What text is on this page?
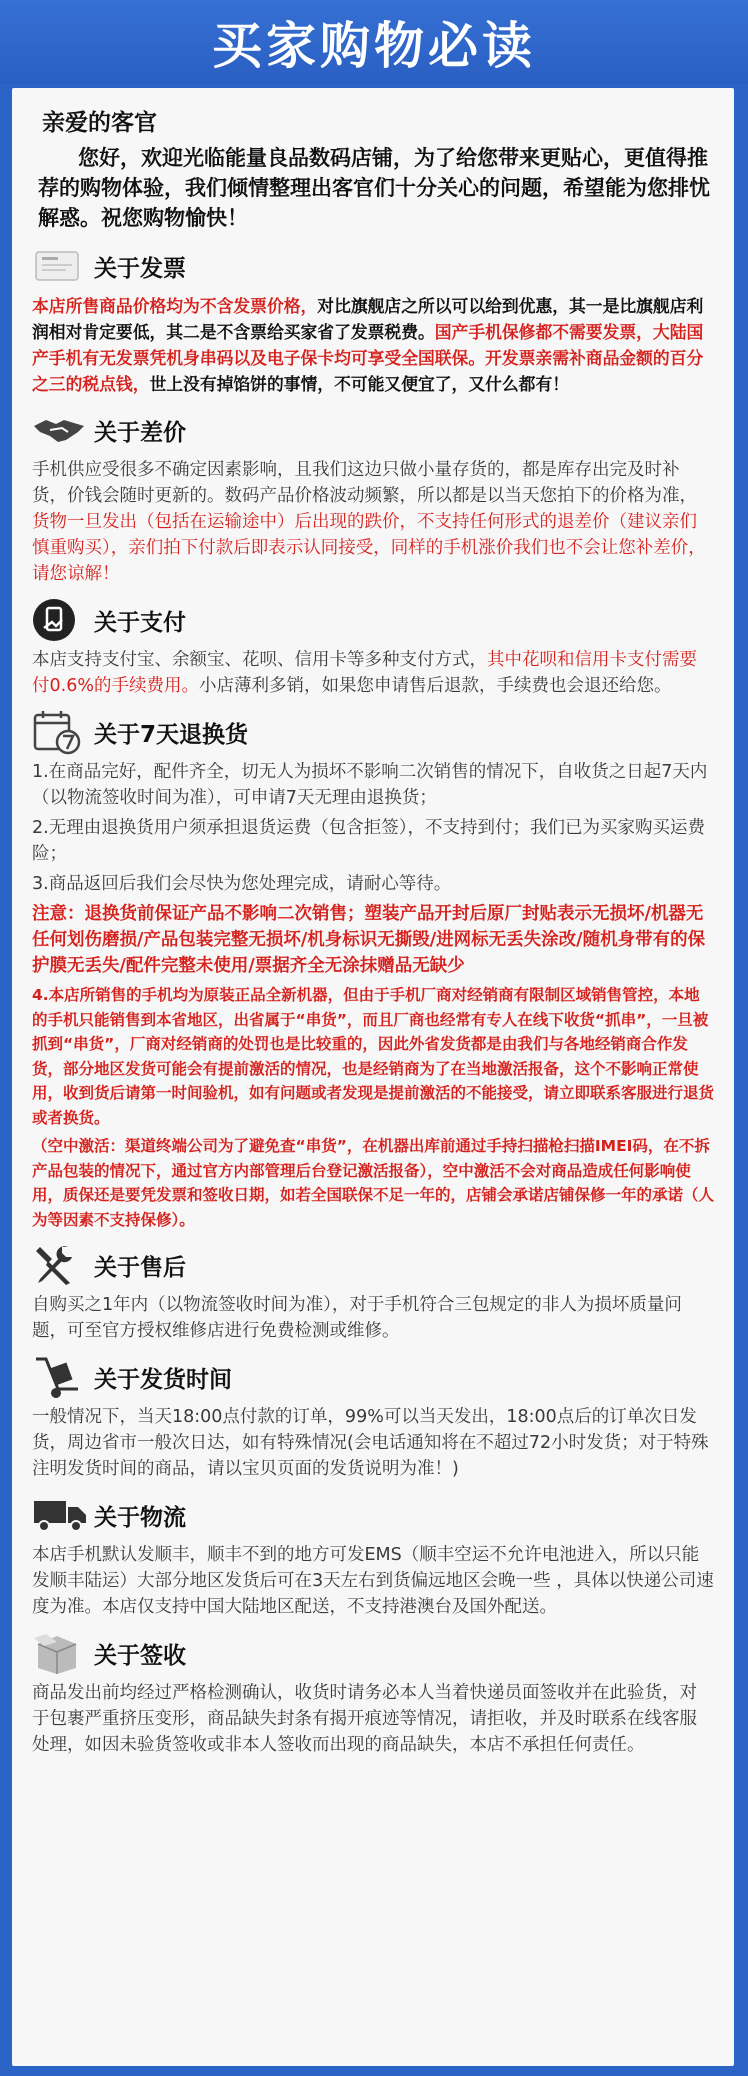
买家购物必读
亲爱的客官
您好，欢迎光临能量良品数码店铺，为了给您带来更贴心，更值得推荐的购物体验，我们倾情整理出客官们十分关心的问题，希望能为您排忧解惑。祝您购物愉快！
关于发票

本店所售商品价格均为不含发票价格，对比旗舰店之所以可以给到优惠，其一是比旗舰店利润相对肯定要低，其二是不含票给买家省了发票税费。国产手机保修都不需要发票，大陆国产手机有无发票凭机身串码以及电子保卡均可享受全国联保。开发票亲需补商品金额的百分之三的税点钱，世上没有掉馅饼的事情，不可能又便宜了，又什么都有！

关于差价

手机供应受很多不确定因素影响，且我们这边只做小量存货的，都是库存出完及时补货，价钱会随时更新的。数码产品价格波动频繁，所以都是以当天您拍下的价格为准，货物一旦发出（包括在运输途中）后出现的跌价，不支持任何形式的退差价（建议亲们慎重购买），亲们拍下付款后即表示认同接受，同样的手机涨价我们也不会让您补差价，请您谅解！

关于支付

本店支持支付宝、余额宝、花呗、信用卡等多种支付方式，其中花呗和信用卡支付需要付0.6%的手续费用。小店薄利多销，如果您申请售后退款，手续费也会退还给您。

关于7天退换货

1.在商品完好，配件齐全，切无人为损坏不影响二次销售的情况下，自收货之日起7天内（以物流签收时间为准），可申请7天无理由退换货；

2.无理由退换货用户须承担退货运费（包含拒签），不支持到付；我们已为买家购买运费险；

3.商品返回后我们会尽快为您处理完成，请耐心等待。

注意：退换货前保证产品不影响二次销售；塑装产品开封后原厂封贴表示无损坏/机器无任何划伤磨损/产品包装完整无损坏/机身标识无撕毁/进网标无丢失涂改/随机身带有的保护膜无丢失/配件完整未使用/票据齐全无涂抹赠品无缺少

4.本店所销售的手机均为原装正品全新机器，但由于手机厂商对经销商有限制区域销售管控，本地的手机只能销售到本省地区，出省属于“串货”，而且厂商也经常有专人在线下收货“抓串”，一旦被抓到“串货”，厂商对经销商的处罚也是比较重的，因此外省发货都是由我们与各地经销商合作发货，部分地区发货可能会有提前激活的情况，也是经销商为了在当地激活报备，这个不影响正常使用，收到货后请第一时间验机，如有问题或者发现是提前激活的不能接受，请立即联系客服进行退货或者换货。

（空中激活：渠道终端公司为了避免查“串货”，在机器出库前通过手持扫描枪扫描IMEI码，在不拆产品包装的情况下，通过官方内部管理后台登记激活报备），空中激活不会对商品造成任何影响使用，质保还是要凭发票和签收日期，如若全国联保不足一年的，店铺会承诺店铺保修一年的承诺（人为等因素不支持保修）。

关于售后

自购买之1年内（以物流签收时间为准），对于手机符合三包规定的非人为损坏质量问题，可至官方授权维修店进行免费检测或维修。

关于发货时间

一般情况下，当天18:00点付款的订单，99%可以当天发出，18:00点后的订单次日发货，周边省市一般次日达，如有特殊情况(会电话通知将在不超过72小时发货；对于特殊注明发货时间的商品，请以宝贝页面的发货说明为准！)

关于物流

本店手机默认发顺丰，顺丰不到的地方可发EMS（顺丰空运不允许电池进入，所以只能发顺丰陆运）大部分地区发货后可在3天左右到货偏远地区会晚一些 ，具体以快递公司速度为准。本店仅支持中国大陆地区配送，不支持港澳台及国外配送。

关于签收

商品发出前均经过严格检测确认，收货时请务必本人当着快递员面签收并在此验货，对于包裹严重挤压变形，商品缺失封条有揭开痕迹等情况，请拒收，并及时联系在线客服处理，如因未验货签收或非本人签收而出现的商品缺失，本店不承担任何责任。
